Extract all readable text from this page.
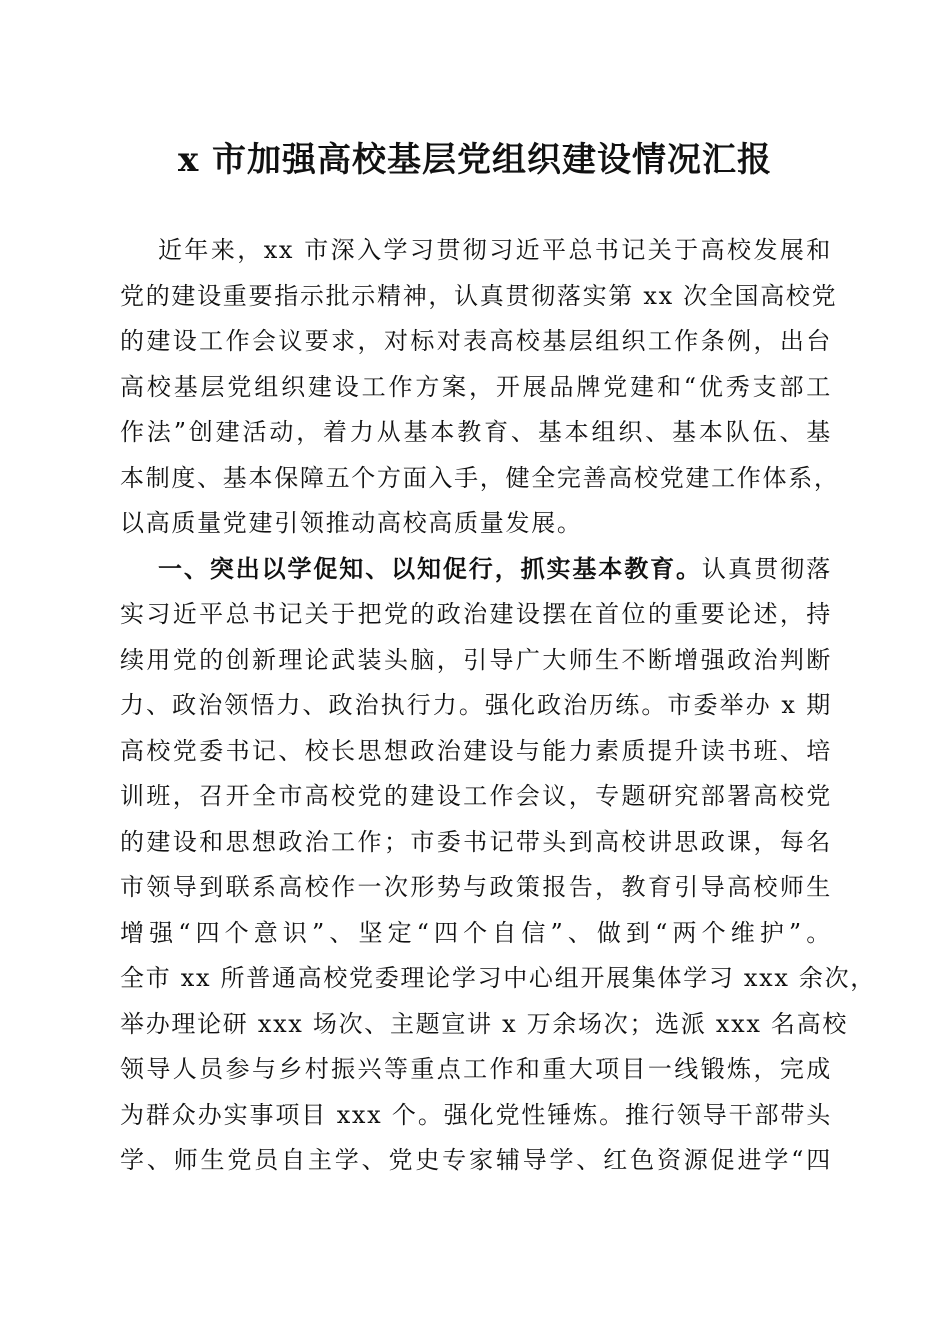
x 市加强高校基层党组织建设情况汇报
近年来，xx 市深入学习贯彻习近平总书记关于高校发展和
党的建设重要指示批示精神，认真贯彻落实第 xx 次全国高校党
的建设工作会议要求，对标对表高校基层组织工作条例，出台
高校基层党组织建设工作方案，开展品牌党建和“优秀支部工
作法”创建活动，着力从基本教育、基本组织、基本队伍、基
本制度、基本保障五个方面入手，健全完善高校党建工作体系，
以高质量党建引领推动高校高质量发展。
一、突出以学促知、以知促行，抓实基本教育。认真贯彻落
实习近平总书记关于把党的政治建设摆在首位的重要论述，持
续用党的创新理论武装头脑，引导广大师生不断增强政治判断
力、政治领悟力、政治执行力。强化政治历练。市委举办 x 期
高校党委书记、校长思想政治建设与能力素质提升读书班、培
训班，召开全市高校党的建设工作会议，专题研究部署高校党
的建设和思想政治工作；市委书记带头到高校讲思政课，每名
市领导到联系高校作一次形势与政策报告，教育引导高校师生
增强“四个意识”、坚定“四个自信”、做到“两个维护”。
全市 xx 所普通高校党委理论学习中心组开展集体学习 xxx 余次，
举办理论研 xxx 场次、主题宣讲 x 万余场次；选派 xxx 名高校
领导人员参与乡村振兴等重点工作和重大项目一线锻炼，完成
为群众办实事项目 xxx 个。强化党性锤炼。推行领导干部带头
学、师生党员自主学、党史专家辅导学、红色资源促进学“四
